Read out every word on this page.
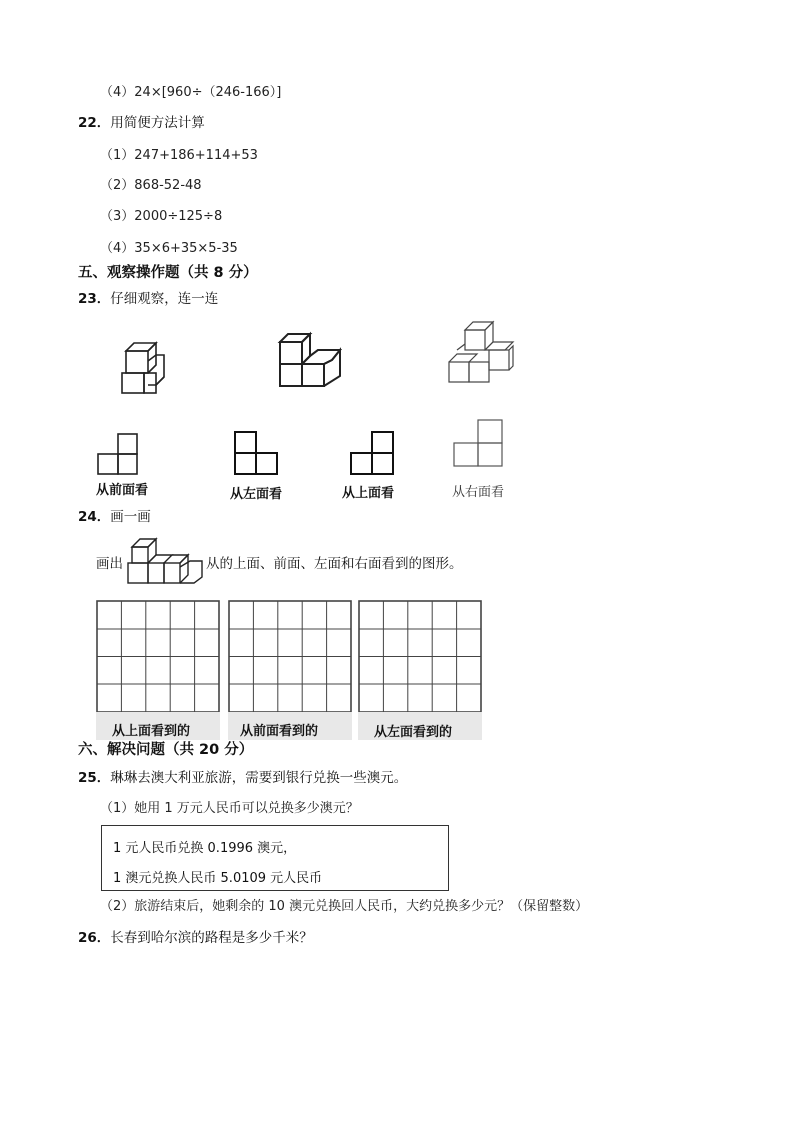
（4）24×[960÷（246-166）]
22．用简便方法计算
（1）247+186+114+53
（2）868-52-48
（3）2000÷125÷8
（4）35×6+35×5-35
五、观察操作题（共 8 分）
23．仔细观察，连一连
从前面看	从左面看	从上面看	从右面看
24．画一画
画出	从的上面、前面、左面和右面看到的图形。
从上面看到的	从前面看到的	从左面看到的
六、解决问题（共 20 分）
25．琳琳去澳大利亚旅游，需要到银行兑换一些澳元。
（1）她用 1 万元人民币可以兑换多少澳元？
1 元人民币兑换 0.1996 澳元，
1 澳元兑换人民币 5.0109 元人民币
（2）旅游结束后，她剩余的 10 澳元兑换回人民币，大约兑换多少元？（保留整数）
26．长春到哈尔滨的路程是多少千米？
